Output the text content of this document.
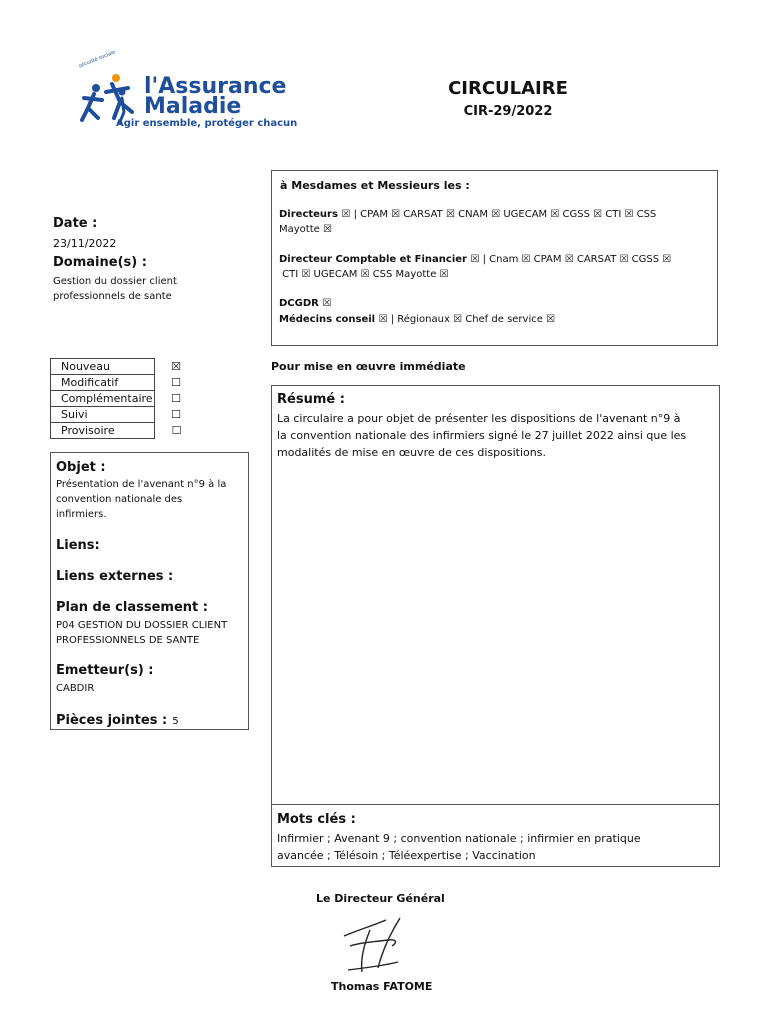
sécurité sociale
l'Assurance
Maladie
Agir ensemble, protéger chacun
CIRCULAIRE
CIR-29/2022
Date :
23/11/2022
Domaine(s) :
Gestion du dossier client
professionnels de sante
à Mesdames et Messieurs les :
Directeurs ☒ | CPAM ☒ CARSAT ☒ CNAM ☒ UGECAM ☒ CGSS ☒ CTI ☒ CSS
Mayotte ☒
Directeur Comptable et Financier ☒ | Cnam ☒ CPAM ☒ CARSAT ☒ CGSS ☒
CTI ☒ UGECAM ☒ CSS Mayotte ☒
DCGDR ☒
Médecins conseil ☒ | Régionaux ☒ Chef de service ☒
Nouveau	☒
Modificatif	☐
Complémentaire	☐
Suivi	☐
Provisoire	☐
Pour mise en œuvre immédiate
Objet :
Présentation de l'avenant n°9 à la
convention nationale des
infirmiers.
Liens:
Liens externes :
Plan de classement :
P04 GESTION DU DOSSIER CLIENT
PROFESSIONNELS DE SANTE
Emetteur(s) :
CABDIR
Pièces jointes : 5
Résumé :
La circulaire a pour objet de présenter les dispositions de l'avenant n°9 à
la convention nationale des infirmiers signé le 27 juillet 2022 ainsi que les
modalités de mise en œuvre de ces dispositions.
Mots clés :
Infirmier ; Avenant 9 ; convention nationale ; infirmier en pratique
avancée ; Télésoin ; Téléexpertise ; Vaccination
Le Directeur Général
Thomas FATOME
